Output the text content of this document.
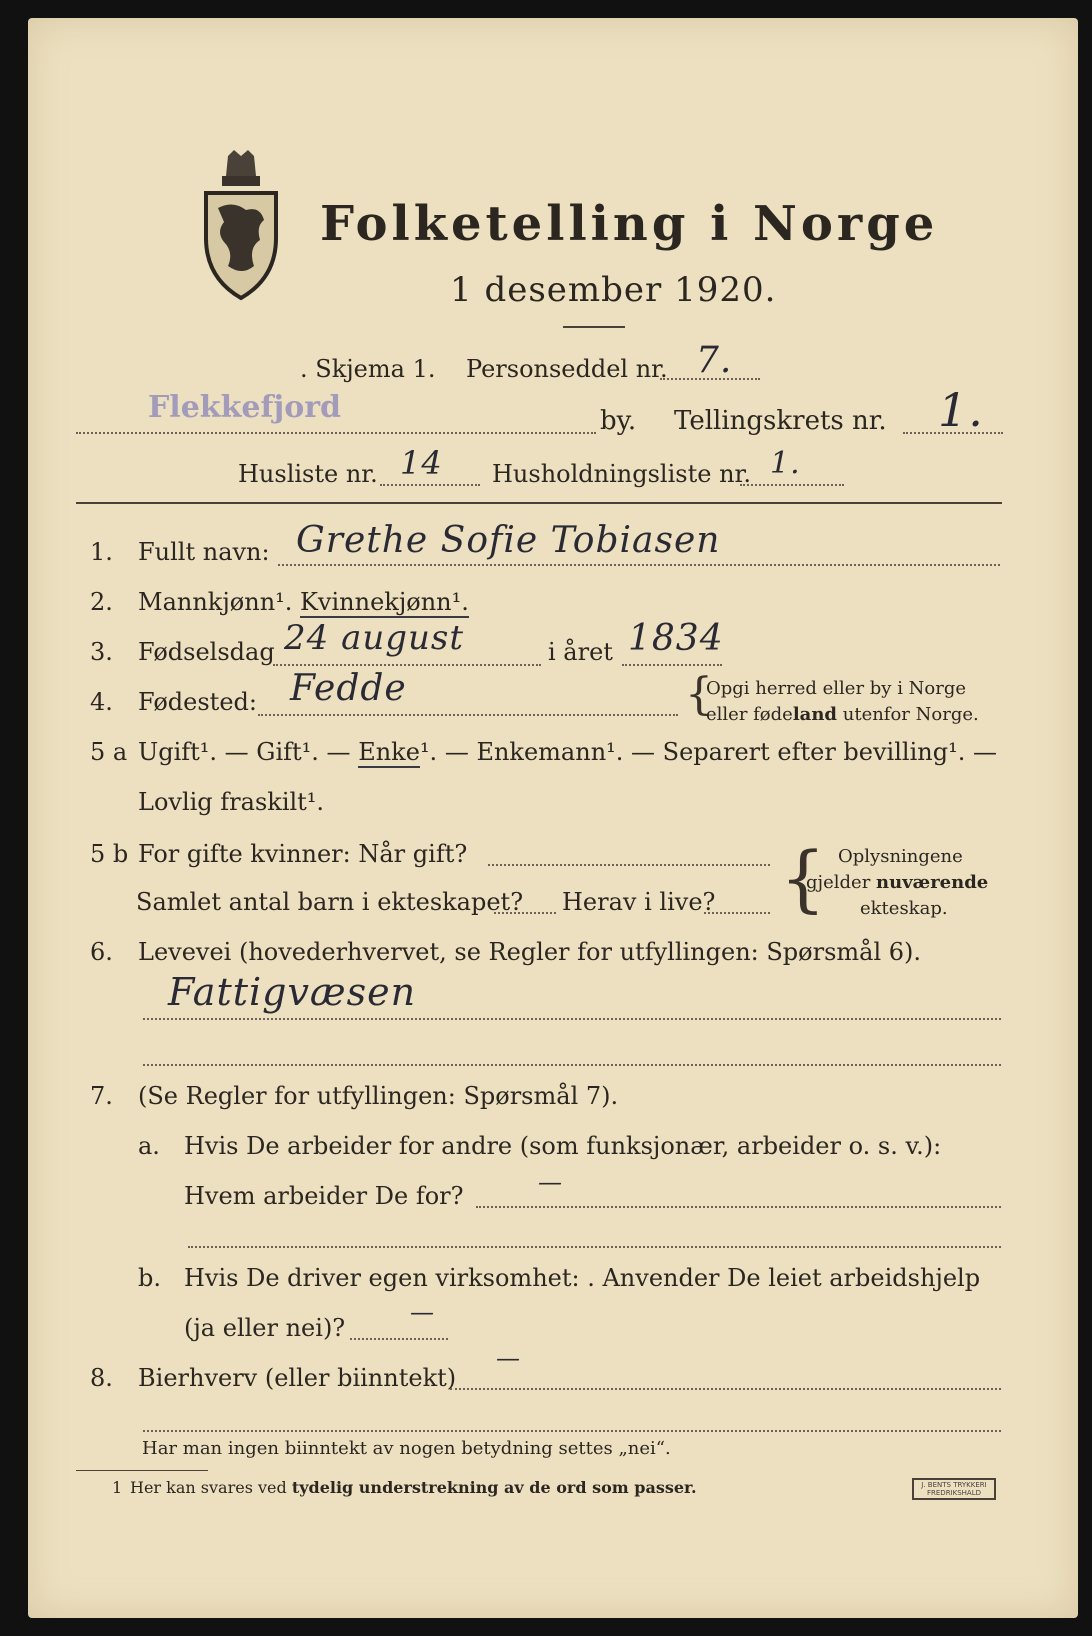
Folketelling i Norge
1 desember 1920.
. Skjema 1. Personseddel nr. 7.
Flekkefjord	by. Tellingskrets nr. 1.
Husliste nr. 14 Husholdningsliste nr. 1.
1. Fullt navn: Grethe Sofie Tobiasen
2. Mannkjønn¹. Kvinnekjønn¹.
3. Fødselsdag 24 august	i året 1834
4. Fødested: Fedde	{
Opgi herred eller by i Norge
eller fødeland utenfor Norge.
5 a Ugift¹. — Gift¹. — Enke¹. — Enkemann¹. — Separert efter bevilling¹. —
Lovlig fraskilt¹.
5 b For gifte kvinner: Når gift?
Samlet antal barn i ekteskapet? Herav i live? { Oplysningene
gjelder nuværende
ekteskap.
6. Levevei (hovederhvervet, se Regler for utfyllingen: Spørsmål 6).
Fattigvæsen
7. (Se Regler for utfyllingen: Spørsmål 7).
a. Hvis De arbeider for andre (som funksjonær, arbeider o. s. v.):
Hvem arbeider De for?	—
b. Hvis De driver egen virksomhet: . Anvender De leiet arbeidshjelp
(ja eller nei)?
—
8. Bierhverv (eller biinntekt)
—
Har man ingen biinntekt av nogen betydning settes „nei“.
1 Her kan svares ved tydelig understrekning av de ord som passer.	J. BENTS TRYKKERI
FREDRIKSHALD
